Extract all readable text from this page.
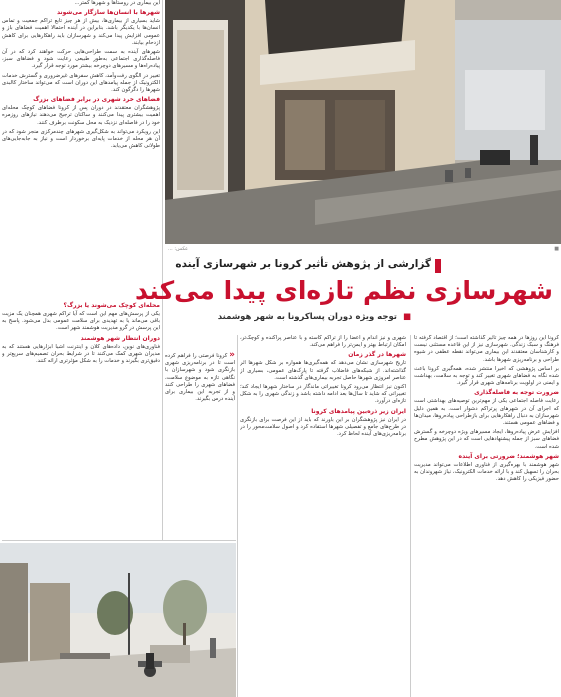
عکس: ...	■

این بیماری در روستاها و شهرها کمتر...

شهرها با انسان‌ها سازگار می‌شوند

شاید بسیاری از بیماری‌ها، بیش از هر چیز تابع تراکم جمعیت و تماس انسان‌ها با یکدیگر باشد. بنابراین در آینده احتمالا اهمیت فضاهای باز و عمومی افزایش پیدا می‌کند و شهرسازان باید راهکارهایی برای کاهش ازدحام بیابند.

شهرهای آینده به سمت طراحی‌هایی حرکت خواهند کرد که در آن فاصله‌گذاری اجتماعی به‌طور طبیعی رعایت شود و فضاهای سبز، پیاده‌راه‌ها و مسیرهای دوچرخه بیشتر مورد توجه قرار گیرد.

تغییر در الگوی رفت‌وآمد، کاهش سفرهای غیرضروری و گسترش خدمات الکترونیک از جمله پیامدهای این دوران است که می‌تواند ساختار کالبدی شهرها را دگرگون کند.

فضاهای خرد شهری در برابر فضاهای بزرگ

پژوهشگران معتقدند در دوران پس از کرونا فضاهای کوچک محله‌ای اهمیت بیشتری پیدا می‌کنند و ساکنان ترجیح می‌دهند نیازهای روزمره خود را در فاصله‌ای نزدیک به محل سکونت برطرف کنند.

این رویکرد می‌تواند به شکل‌گیری شهرهای چندمرکزی منجر شود که در آن هر محله از خدمات پایه‌ای برخوردار است و نیاز به جابه‌جایی‌های طولانی کاهش می‌یابد.

گزارشی از پژوهش تأثیر کرونا بر شهرسازی آینده
شهرسازی نظم تازه‌ای پیدا می‌کند
■ توجه ویژه دوران پساکرونا به شهر هوشمند
محله‌ای کوچک می‌شوند یا بزرگ؟

یکی از پرسش‌های مهم این است که آیا تراکم شهری همچنان یک مزیت باقی می‌ماند یا به تهدیدی برای سلامت عمومی بدل می‌شود. پاسخ به این پرسش در گرو مدیریت هوشمند شهر است.

دوران انتظار شهر هوشمند

فناوری‌های نوین، داده‌های کلان و اینترنت اشیا ابزارهایی هستند که به مدیران شهری کمک می‌کنند تا در شرایط بحران تصمیم‌های سریع‌تر و دقیق‌تری بگیرند و خدمات را به شکل مؤثرتری ارائه کنند.

« کرونا فرصتی را فراهم کرده است تا در برنامه‌ریزی شهری بازنگری شود و شهرسازان با نگاهی تازه به موضوع سلامت، فضاهای شهری را طراحی کنند و از تجربه این بیماری برای آینده درس بگیرند.

کرونا این روزها در همه چیز تأثیر گذاشته است؛ از اقتصاد گرفته تا فرهنگ و سبک زندگی. شهرسازی نیز از این قاعده مستثنی نیست و کارشناسان معتقدند این بیماری می‌تواند نقطه عطفی در شیوه طراحی و برنامه‌ریزی شهرها باشد.

بر اساس پژوهشی که اخیرا منتشر شده، همه‌گیری کرونا باعث شده نگاه به فضاهای شهری تغییر کند و توجه به سلامت، بهداشت و ایمنی در اولویت برنامه‌های شهری قرار گیرد.

ضرورت توجه به فاصله‌گذاری

رعایت فاصله اجتماعی یکی از مهم‌ترین توصیه‌های بهداشتی است که اجرای آن در شهرهای پرتراکم دشوار است. به همین دلیل شهرسازان به دنبال راهکارهایی برای بازطراحی پیاده‌روها، میدان‌ها و فضاهای عمومی هستند.

افزایش عرض پیاده‌روها، ایجاد مسیرهای ویژه دوچرخه و گسترش فضاهای سبز از جمله پیشنهادهایی است که در این پژوهش مطرح شده است.

شهر هوشمند؛ ضرورتی برای آینده

شهر هوشمند با بهره‌گیری از فناوری اطلاعات می‌تواند مدیریت بحران را تسهیل کند و با ارائه خدمات الکترونیک، نیاز شهروندان به حضور فیزیکی را کاهش دهد.

شهری و نیز اندام و اعضا را از تراکم کاسته و با عناصر پراکنده و کوچک‌تر، امکان ارتباط بهتر و ایمن‌تر را فراهم می‌کند.

شهرها در گذر زمان

تاریخ شهرسازی نشان می‌دهد که همه‌گیری‌ها همواره بر شکل شهرها اثر گذاشته‌اند. از شبکه‌های فاضلاب گرفته تا پارک‌های عمومی، بسیاری از عناصر امروزی شهرها حاصل تجربه بیماری‌های گذشته است.

اکنون نیز انتظار می‌رود کرونا تغییراتی ماندگار در ساختار شهرها ایجاد کند؛ تغییراتی که شاید تا سال‌ها بعد ادامه داشته باشد و زندگی شهری را به شکل تازه‌ای درآورد.

ایران زیر ذره‌بین پیامدهای کرونا

در ایران نیز پژوهشگران بر این باورند که باید از این فرصت برای بازنگری در طرح‌های جامع و تفصیلی شهرها استفاده کرد و اصول سلامت‌محور را در برنامه‌ریزی‌های آینده لحاظ کرد.
